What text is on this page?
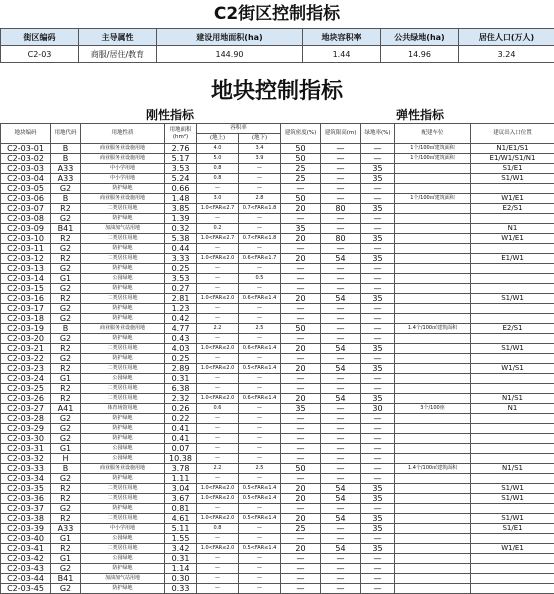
C2街区控制指标
街区编码	主导属性	建设用地面积(ha)	地块容积率	公共绿地(ha)	居住人口(万人)
C2-03	商服/居住/教育	144.90	1.44	14.96	3.24
地块控制指标
刚性指标	弹性指标
地块编码	用地代码	用地性质	用地面积(hm²)	容积率		建筑密度(%)	建筑限高(m)	绿地率(%)	配建车位	建议出入口位置
				(地上)	(地下)					
C2-03-01	B	商业服务业设施用地	2.76	4.0	3.4	50	—	—	1个/100㎡建筑面积	N1/E1/S1
C2-03-02	B	商业服务业设施用地	5.17	5.0	3.9	50	—	—	1个/100㎡建筑面积	E1/W1/S1/N1
C2-03-03	A33	中小学用地	3.53	0.8	—	25	—	35		S1/E1
C2-03-04	A33	中小学用地	5.24	0.8	—	25	—	35		S1/W1
C2-03-05	G2	防护绿地	0.66	—	—	—	—	—		
C2-03-06	B	商业服务业设施用地	1.48	3.0	2.8	50	—	—	1个/100㎡建筑面积	W1/E1
C2-03-07	R2	二类居住用地	3.85	1.0<FAR≤2.7	0.7<FAR≤1.8	20	80	35		E2/S1
C2-03-08	G2	防护绿地	1.39	—	—	—	—	—		
C2-03-09	B41	加油加气站用地	0.32	0.2	—	35	—	—		N1
C2-03-10	R2	二类居住用地	5.38	1.0<FAR≤2.7	0.7<FAR≤1.8	20	80	35		W1/E1
C2-03-11	G2	防护绿地	0.44	—	—	—	—	—		
C2-03-12	R2	二类居住用地	3.33	1.0<FAR≤2.0	0.6<FAR≤1.7	20	54	35		E1/W1
C2-03-13	G2	防护绿地	0.25	—	—	—	—	—		
C2-03-14	G1	公园绿地	3.53	—	0.5	—	—	—		
C2-03-15	G2	防护绿地	0.27	—	—	—	—	—		
C2-03-16	R2	二类居住用地	2.81	1.0<FAR≤2.0	0.6<FAR≤1.4	20	54	35		S1/W1
C2-03-17	G2	防护绿地	1.23	—	—	—	—	—		
C2-03-18	G2	防护绿地	0.42	—	—	—	—	—		
C2-03-19	B	商业服务业设施用地	4.77	2.2	2.5	50	—	—	1.4个/100㎡建筑面积	E2/S1
C2-03-20	G2	防护绿地	0.43	—	—	—	—	—		
C2-03-21	R2	二类居住用地	4.03	1.0<FAR≤2.0	0.6<FAR≤1.4	20	54	35		S1/W1
C2-03-22	G2	防护绿地	0.25	—	—	—	—	—		
C2-03-23	R2	二类居住用地	2.89	1.0<FAR≤2.0	0.5<FAR≤1.4	20	54	35		W1/S1
C2-03-24	G1	公园绿地	0.31	—	—	—	—	—		
C2-03-25	R2	二类居住用地	6.38	—	—	—	—	—		
C2-03-26	R2	二类居住用地	2.32	1.0<FAR≤2.0	0.6<FAR≤1.4	20	54	35		N1/S1
C2-03-27	A41	体育场馆用地	0.26	0.6	—	35	—	30	3个/100座	N1
C2-03-28	G2	防护绿地	0.22	—	—	—	—	—		
C2-03-29	G2	防护绿地	0.41	—	—	—	—	—		
C2-03-30	G2	防护绿地	0.41	—	—	—	—	—		
C2-03-31	G1	公园绿地	0.07	—	—	—	—	—		
C2-03-32	H	公园绿地	10.38	—	—	—	—	—		
C2-03-33	B	商业服务业设施用地	3.78	2.2	2.5	50	—	—	1.4个/100㎡建筑面积	N1/S1
C2-03-34	G2	防护绿地	1.11	—	—	—	—	—		
C2-03-35	R2	二类居住用地	3.04	1.0<FAR≤2.0	0.5<FAR≤1.4	20	54	35		S1/W1
C2-03-36	R2	二类居住用地	3.67	1.0<FAR≤2.0	0.5<FAR≤1.4	20	54	35		S1/W1
C2-03-37	G2	防护绿地	0.81	—	—	—	—	—		
C2-03-38	R2	二类居住用地	4.61	1.0<FAR≤2.0	0.5<FAR≤1.4	20	54	35		S1/W1
C2-03-39	A33	中小学用地	5.11	0.8	—	25	—	35		S1/E1
C2-03-40	G1	公园绿地	1.55	—	—	—	—	—		
C2-03-41	R2	二类居住用地	3.42	1.0<FAR≤2.0	0.5<FAR≤1.4	20	54	35		W1/E1
C2-03-42	G1	公园绿地	0.31	—	—	—	—	—		
C2-03-43	G2	防护绿地	1.14	—	—	—	—	—		
C2-03-44	B41	加油加气站用地	0.30	—	—	—	—	—		
C2-03-45	G2	防护绿地	0.33	—	—	—	—	—		
